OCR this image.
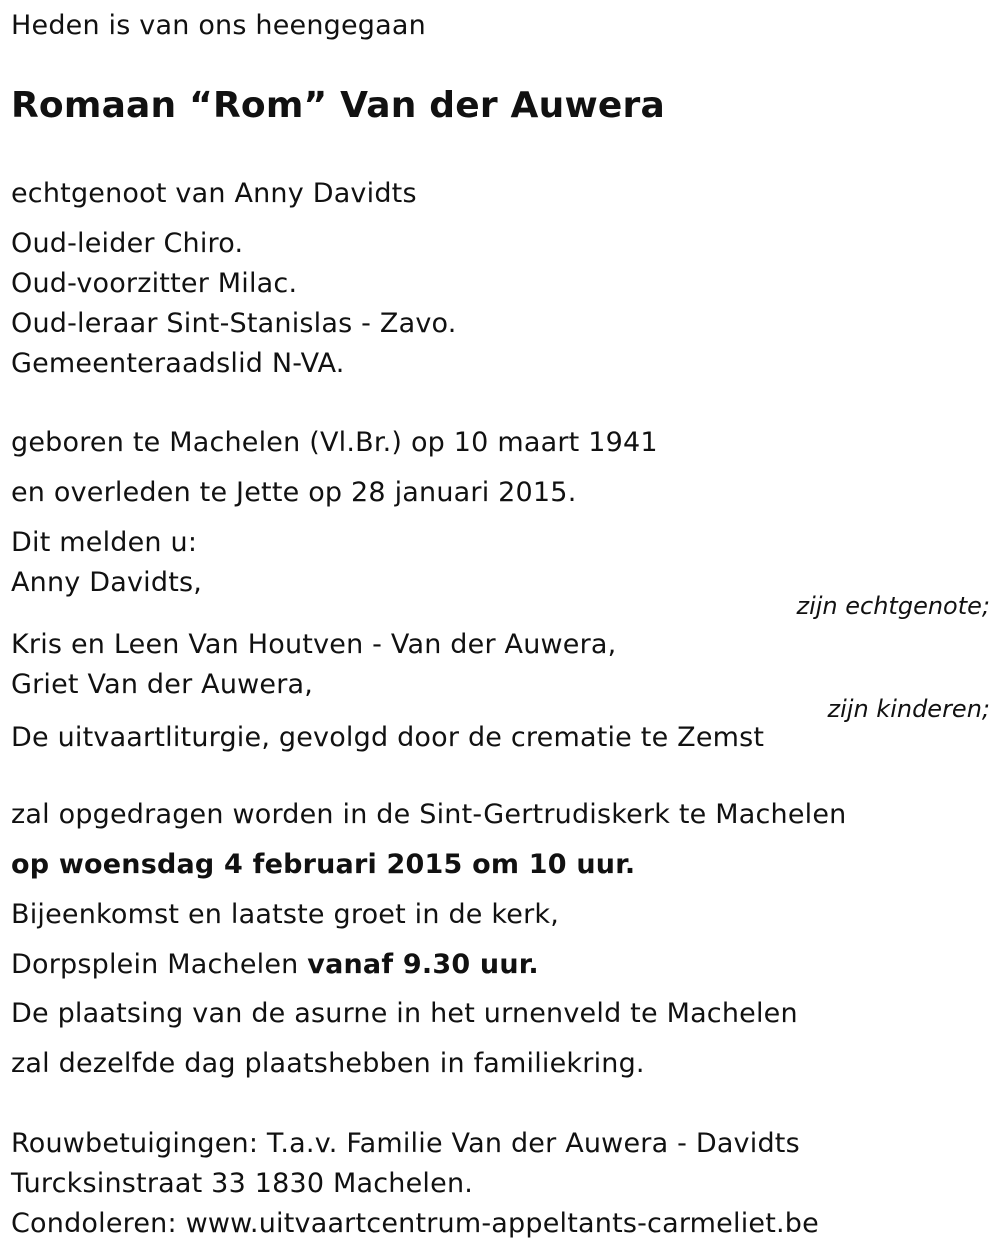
Heden is van ons heengegaan
Romaan “Rom” Van der Auwera
echtgenoot van Anny Davidts
Oud-leider Chiro.
Oud-voorzitter Milac.
Oud-leraar Sint-Stanislas - Zavo.
Gemeenteraadslid N-VA.
geboren te Machelen (Vl.Br.) op 10 maart 1941
en overleden te Jette op 28 januari 2015.
Dit melden u:
Anny Davidts,
zijn echtgenote;
Kris en Leen Van Houtven - Van der Auwera,
Griet Van der Auwera,
zijn kinderen;
De uitvaartliturgie, gevolgd door de crematie te Zemst
zal opgedragen worden in de Sint-Gertrudiskerk te Machelen
op woensdag 4 februari 2015 om 10 uur.
Bijeenkomst en laatste groet in de kerk,
Dorpsplein Machelen vanaf 9.30 uur.
De plaatsing van de asurne in het urnenveld te Machelen
zal dezelfde dag plaatshebben in familiekring.
Rouwbetuigingen: T.a.v. Familie Van der Auwera - Davidts
Turcksinstraat 33 1830 Machelen.
Condoleren: www.uitvaartcentrum-appeltants-carmeliet.be
